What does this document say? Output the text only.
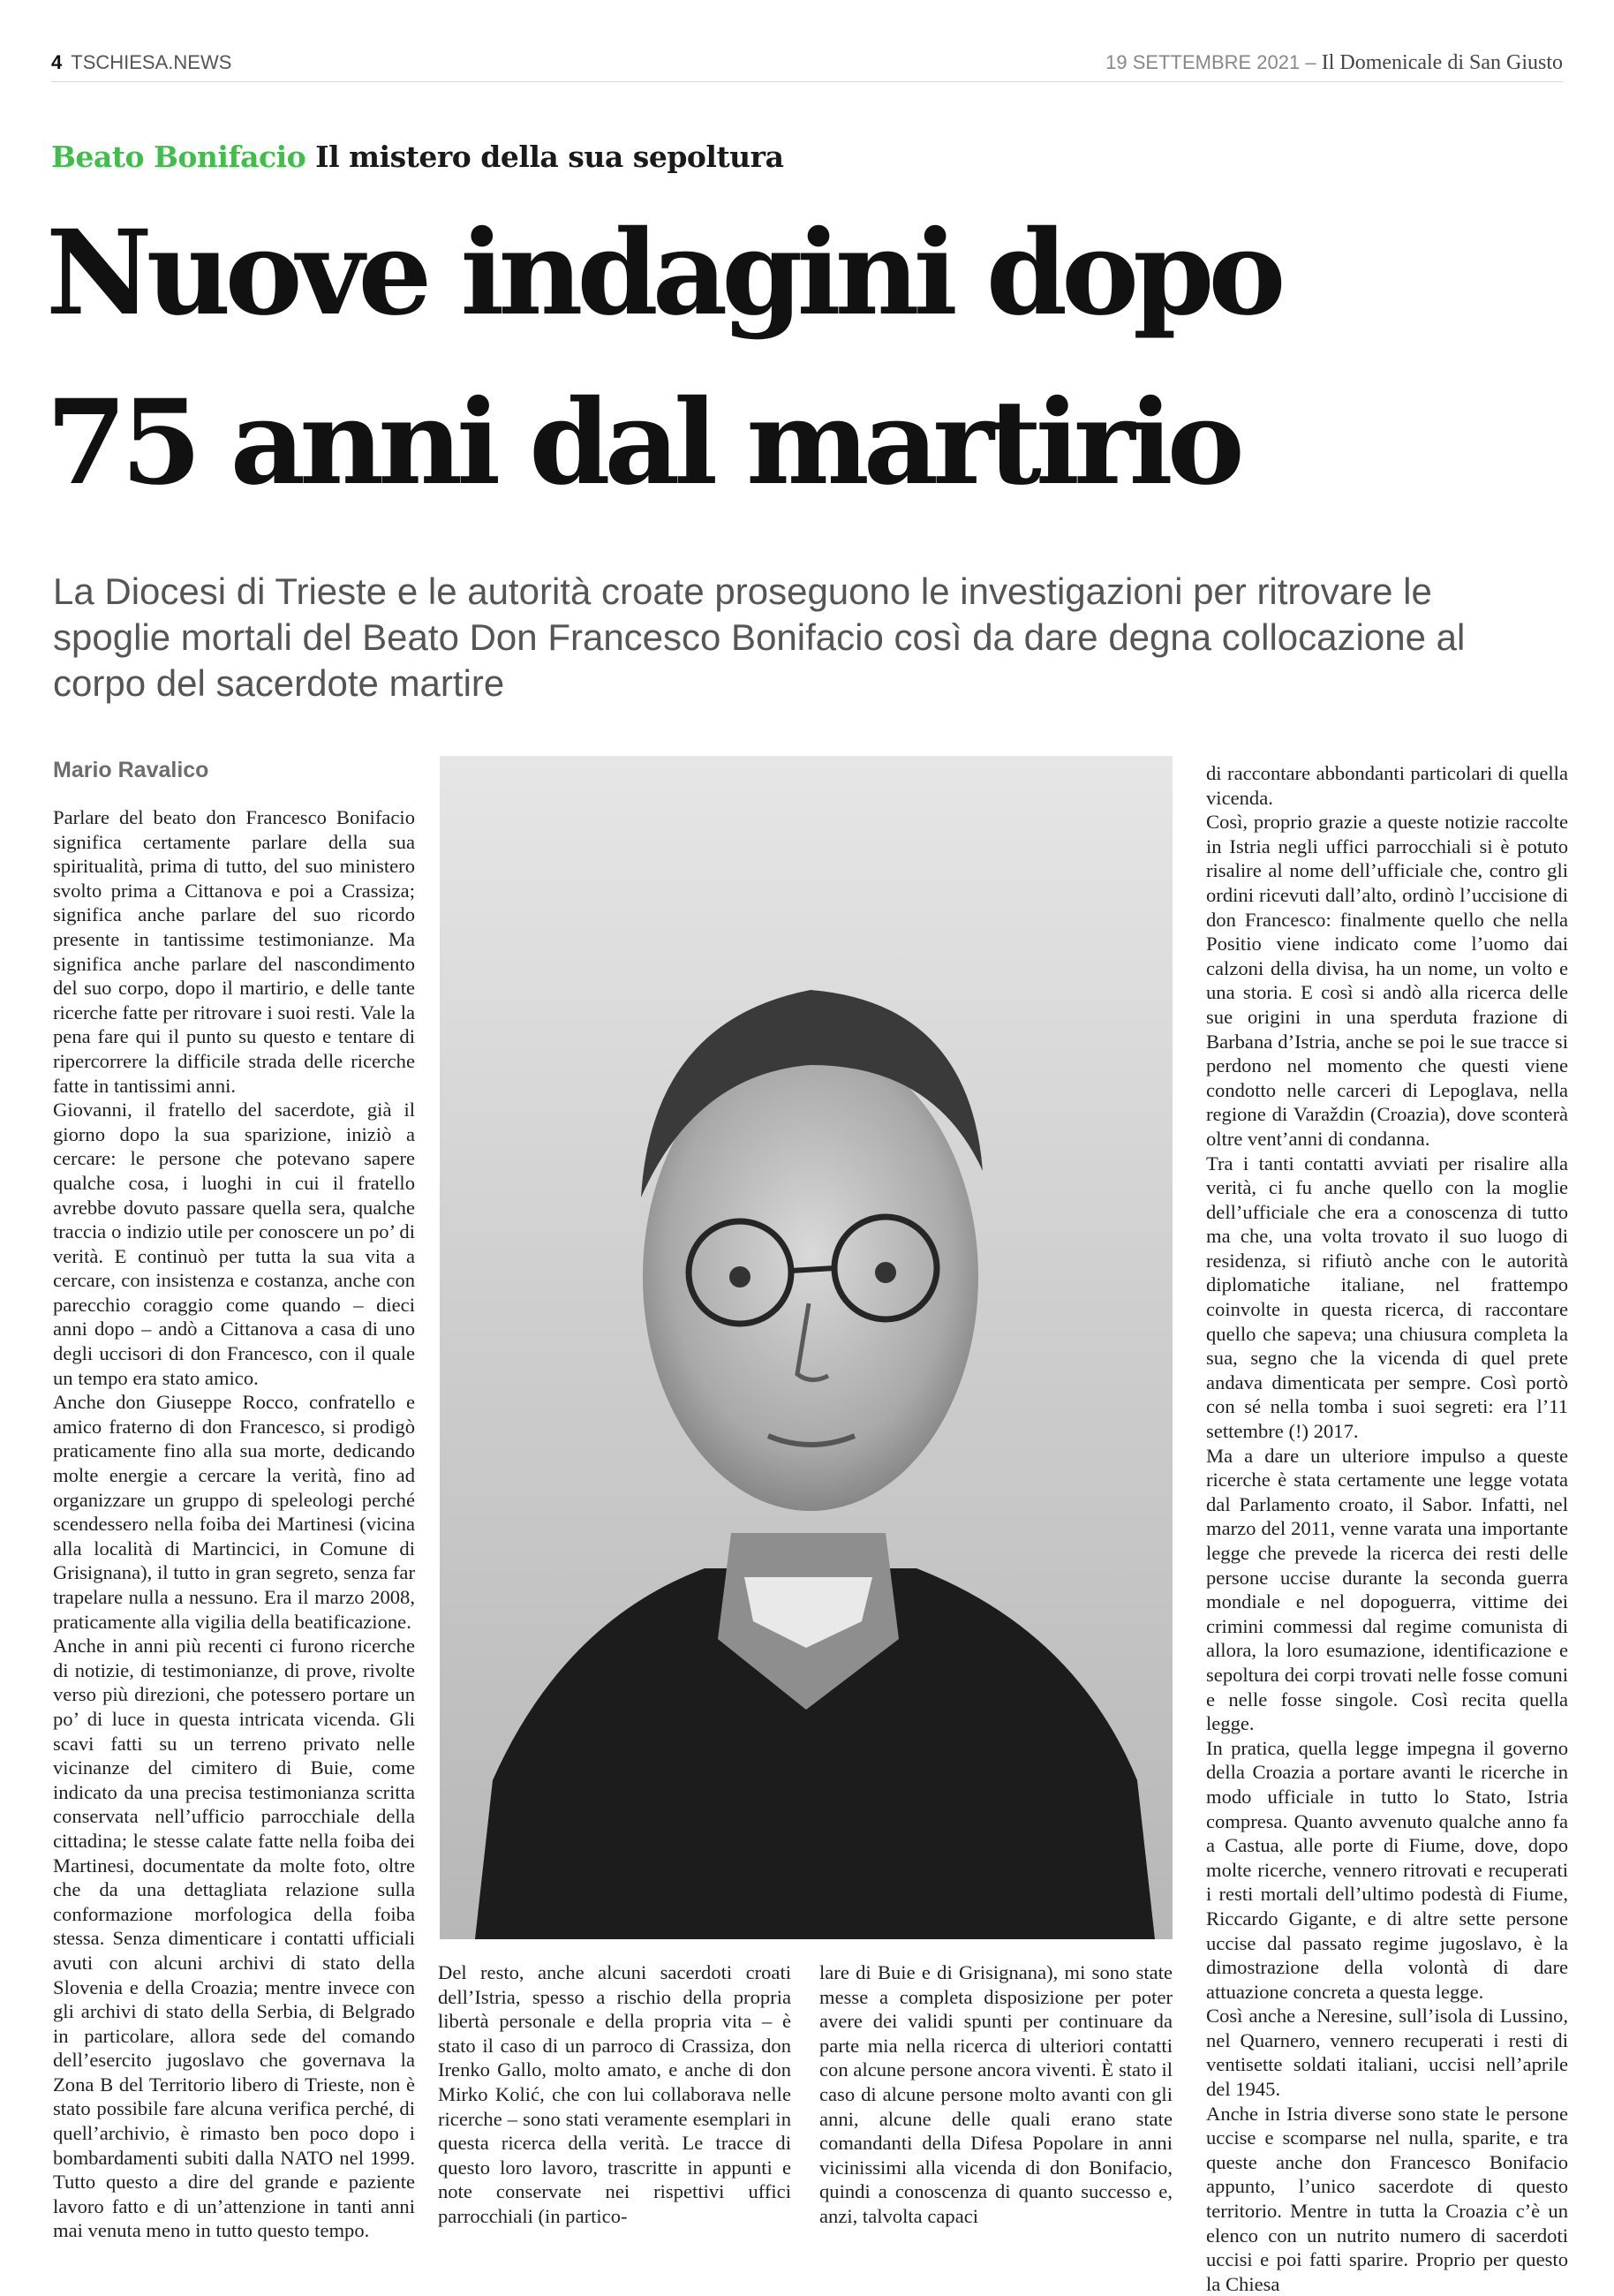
4 TSCHIESA.NEWS	19 SETTEMBRE 2021 – Il Domenicale di San Giusto
Beato Bonifacio Il mistero della sua sepoltura
Nuove indagini dopo
75 anni dal martirio
La Diocesi di Trieste e le autorità croate proseguono le investigazioni per ritrovare le spoglie mortali del Beato Don Francesco Bonifacio così da dare degna collocazione al corpo del sacerdote martire
Mario Ravalico

Parlare del beato don Francesco Bonifacio significa certamente parlare della sua spiritualità, prima di tutto, del suo ministero svolto prima a Cittanova e poi a Crassiza; significa anche parlare del suo ricordo presente in tantissime testimonianze. Ma significa anche parlare del nascondimento del suo corpo, dopo il martirio, e delle tante ricerche fatte per ritrovare i suoi resti. Vale la pena fare qui il punto su questo e tentare di ripercorrere la difficile strada delle ricerche fatte in tantissimi anni.

Giovanni, il fratello del sacerdote, già il giorno dopo la sua sparizione, iniziò a cercare: le persone che potevano sapere qualche cosa, i luoghi in cui il fratello avrebbe dovuto passare quella sera, qualche traccia o indizio utile per conoscere un po’ di verità. E continuò per tutta la sua vita a cercare, con insistenza e costanza, anche con parecchio coraggio come quando – dieci anni dopo – andò a Cittanova a casa di uno degli uccisori di don Francesco, con il quale un tempo era stato amico.

Anche don Giuseppe Rocco, confratello e amico fraterno di don Francesco, si prodigò praticamente fino alla sua morte, dedicando molte energie a cercare la verità, fino ad organizzare un gruppo di speleologi perché scendessero nella foiba dei Martinesi (vicina alla località di Martincici, in Comune di Grisignana), il tutto in gran segreto, senza far trapelare nulla a nessuno. Era il marzo 2008, praticamente alla vigilia della beatificazione.

Anche in anni più recenti ci furono ricerche di notizie, di testimonianze, di prove, rivolte verso più direzioni, che potessero portare un po’ di luce in questa intricata vicenda. Gli scavi fatti su un terreno privato nelle vicinanze del cimitero di Buie, come indicato da una precisa testimonianza scritta conservata nell’ufficio parrocchiale della cittadina; le stesse calate fatte nella foiba dei Martinesi, documentate da molte foto, oltre che da una dettagliata relazione sulla conformazione morfologica della foiba stessa. Senza dimenticare i contatti ufficiali avuti con alcuni archivi di stato della Slovenia e della Croazia; mentre invece con gli archivi di stato della Serbia, di Belgrado in particolare, allora sede del comando dell’esercito jugoslavo che governava la Zona B del Territorio libero di Trieste, non è stato possibile fare alcuna verifica perché, di quell’archivio, è rimasto ben poco dopo i bombardamenti subiti dalla NATO nel 1999. Tutto questo a dire del grande e paziente lavoro fatto e di un’attenzione in tanti anni mai venuta meno in tutto questo tempo.

Del resto, anche alcuni sacerdoti croati dell’Istria, spesso a rischio della propria libertà personale e della propria vita – è stato il caso di un parroco di Crassiza, don Irenko Gallo, molto amato, e anche di don Mirko Kolić, che con lui collaborava nelle ricerche – sono stati veramente esemplari in questa ricerca della verità. Le tracce di questo loro lavoro, trascritte in appunti e note conservate nei rispettivi uffici parrocchiali (in partico-

lare di Buie e di Grisignana), mi sono state messe a completa disposizione per poter avere dei validi spunti per continuare da parte mia nella ricerca di ulteriori contatti con alcune persone ancora viventi. È stato il caso di alcune persone molto avanti con gli anni, alcune delle quali erano state comandanti della Difesa Popolare in anni vicinissimi alla vicenda di don Bonifacio, quindi a conoscenza di quanto successo e, anzi, talvolta capaci

di raccontare abbondanti particolari di quella vicenda.

Così, proprio grazie a queste notizie raccolte in Istria negli uffici parrocchiali si è potuto risalire al nome dell’ufficiale che, contro gli ordini ricevuti dall’alto, ordinò l’uccisione di don Francesco: finalmente quello che nella Positio viene indicato come l’uomo dai calzoni della divisa, ha un nome, un volto e una storia. E così si andò alla ricerca delle sue origini in una sperduta frazione di Barbana d’Istria, anche se poi le sue tracce si perdono nel momento che questi viene condotto nelle carceri di Lepoglava, nella regione di Varaždin (Croazia), dove sconterà oltre vent’anni di condanna.

Tra i tanti contatti avviati per risalire alla verità, ci fu anche quello con la moglie dell’ufficiale che era a conoscenza di tutto ma che, una volta trovato il suo luogo di residenza, si rifiutò anche con le autorità diplomatiche italiane, nel frattempo coinvolte in questa ricerca, di raccontare quello che sapeva; una chiusura completa la sua, segno che la vicenda di quel prete andava dimenticata per sempre. Così portò con sé nella tomba i suoi segreti: era l’11 settembre (!) 2017.

Ma a dare un ulteriore impulso a queste ricerche è stata certamente une legge votata dal Parlamento croato, il Sabor. Infatti, nel marzo del 2011, venne varata una importante legge che prevede la ricerca dei resti delle persone uccise durante la seconda guerra mondiale e nel dopoguerra, vittime dei crimini commessi dal regime comunista di allora, la loro esumazione, identificazione e sepoltura dei corpi trovati nelle fosse comuni e nelle fosse singole. Così recita quella legge.

In pratica, quella legge impegna il governo della Croazia a portare avanti le ricerche in modo ufficiale in tutto lo Stato, Istria compresa. Quanto avvenuto qualche anno fa a Castua, alle porte di Fiume, dove, dopo molte ricerche, vennero ritrovati e recuperati i resti mortali dell’ultimo podestà di Fiume, Riccardo Gigante, e di altre sette persone uccise dal passato regime jugoslavo, è la dimostrazione della volontà di dare attuazione concreta a questa legge.

Così anche a Neresine, sull’isola di Lussino, nel Quarnero, vennero recuperati i resti di ventisette soldati italiani, uccisi nell’aprile del 1945.

Anche in Istria diverse sono state le persone uccise e scomparse nel nulla, sparite, e tra queste anche don Francesco Bonifacio appunto, l’unico sacerdote di questo territorio. Mentre in tutta la Croazia c’è un elenco con un nutrito numero di sacerdoti uccisi e poi fatti sparire. Proprio per questo la Chiesa
